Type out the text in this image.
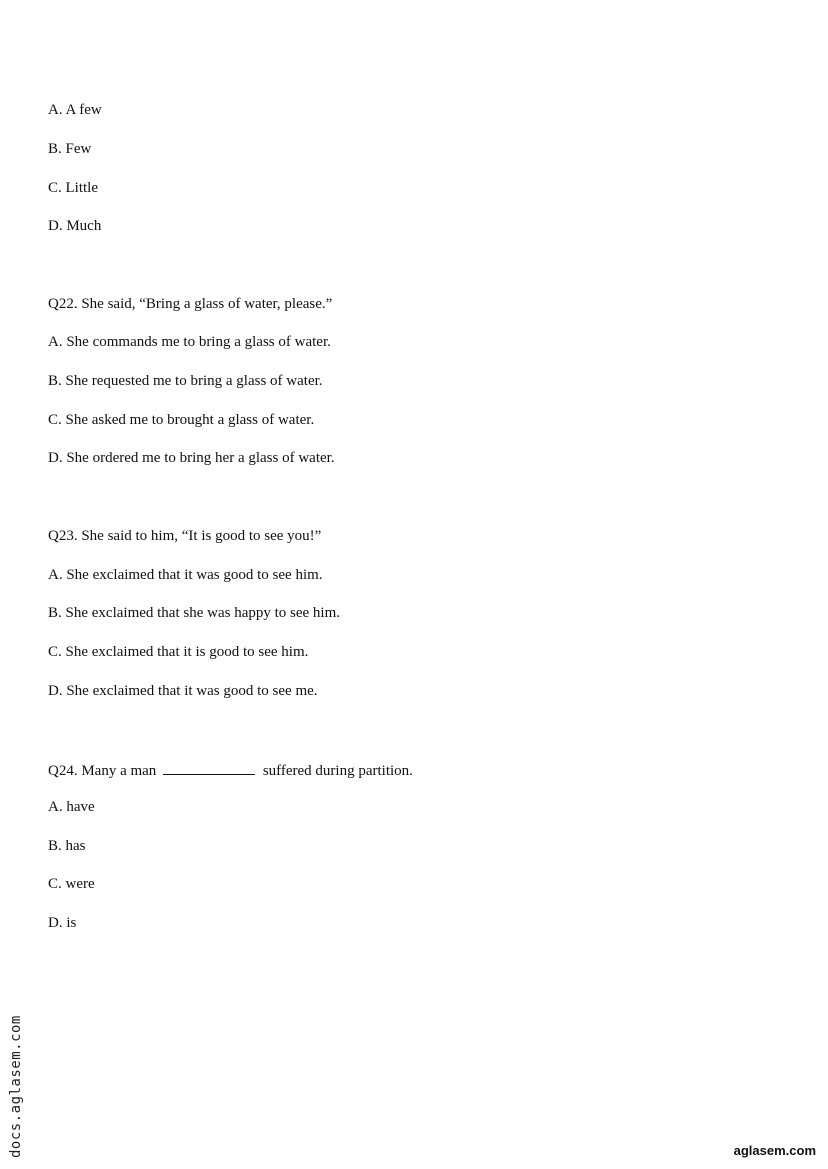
A. A few
B. Few
C. Little
D. Much
Q22. She said, “Bring a glass of water, please.”
A. She commands me to bring a glass of water.
B. She requested me to bring a glass of water.
C. She asked me to brought a glass of water.
D. She ordered me to bring her a glass of water.
Q23. She said to him, “It is good to see you!”
A. She exclaimed that it was good to see him.
B. She exclaimed that she was happy to see him.
C. She exclaimed that it is good to see him.
D. She exclaimed that it was good to see me.
Q24. Many a man	suffered during partition.
A. have
B. has
C. were
D. is
docs.aglasem.com	aglasem.com
